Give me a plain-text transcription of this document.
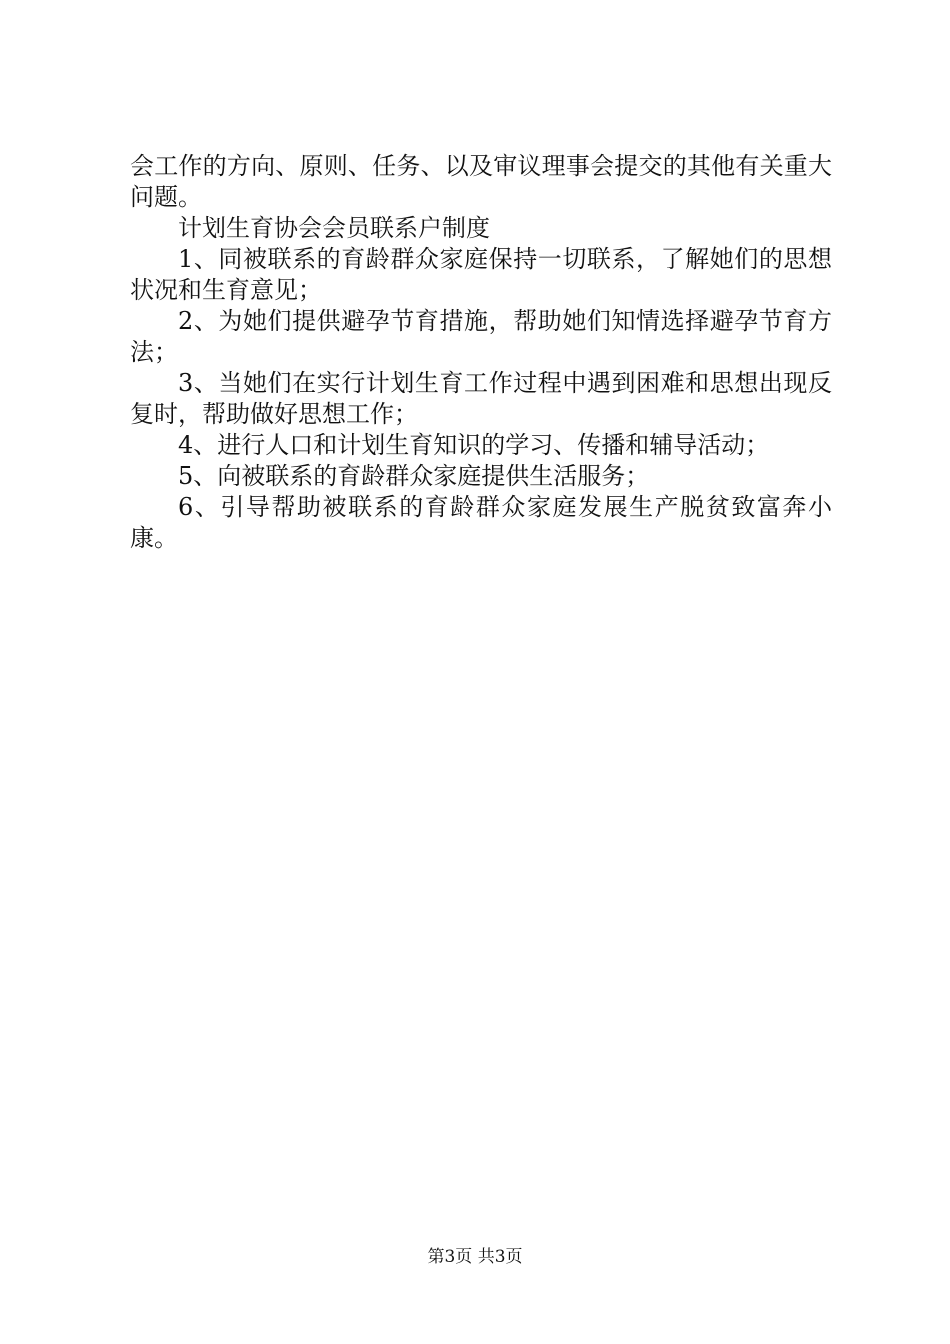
会工作的方向、原则、任务、以及审议理事会提交的其他有关重大问题。

计划生育协会会员联系户制度

1、同被联系的育龄群众家庭保持一切联系，了解她们的思想状况和生育意见；

2、为她们提供避孕节育措施，帮助她们知情选择避孕节育方法；

3、当她们在实行计划生育工作过程中遇到困难和思想出现反复时，帮助做好思想工作；

4、进行人口和计划生育知识的学习、传播和辅导活动；

5、向被联系的育龄群众家庭提供生活服务；

6、引导帮助被联系的育龄群众家庭发展生产脱贫致富奔小康。

第3页 共3页
